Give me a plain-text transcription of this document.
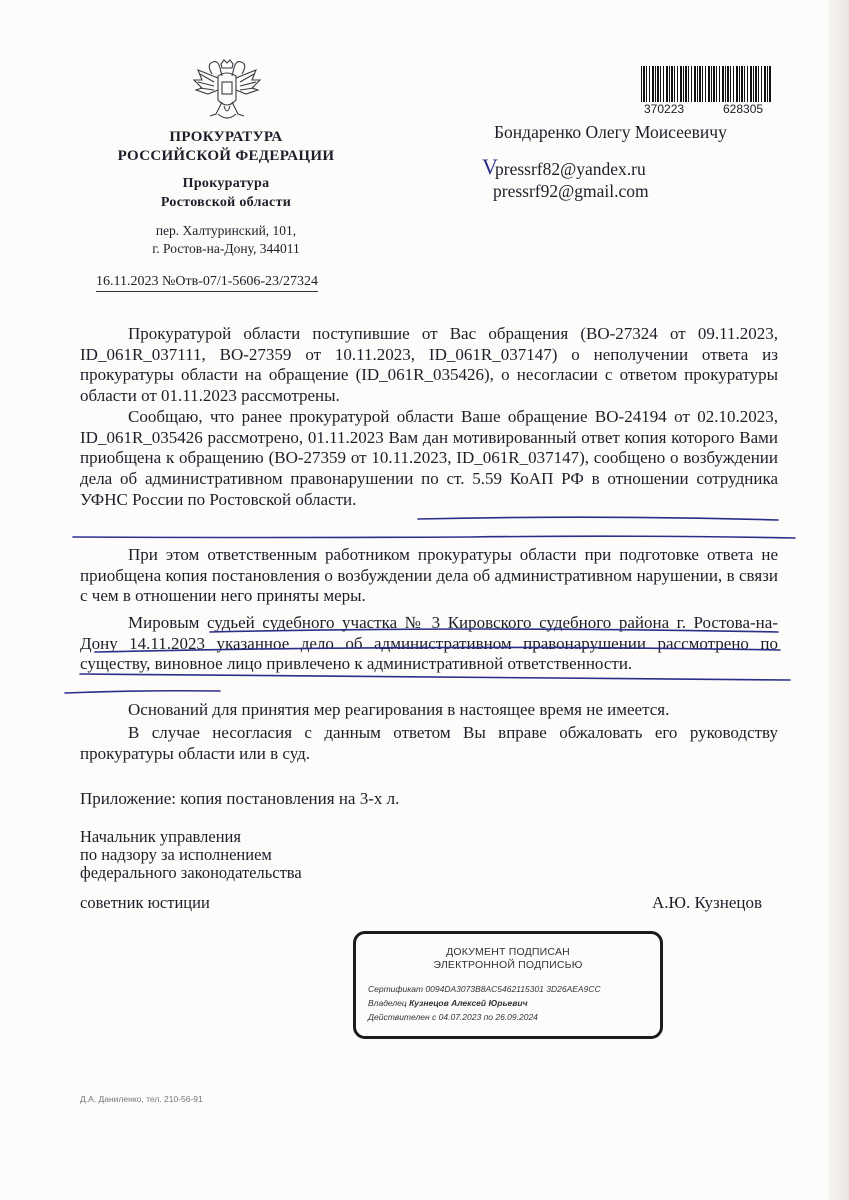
ПРОКУРАТУРА
РОССИЙСКОЙ ФЕДЕРАЦИИ
Прокуратура
Ростовской области
пер. Халтуринский, 101,
г. Ростов-на-Дону, 344011
16.11.2023 №Отв-07/1-5606-23/27324
370223	628305
Бондаренко Олегу Моисеевичу
V
pressrf82@yandex.ru
pressrf92@gmail.com
Прокуратурой области поступившие от Вас обращения (ВО-27324 от 09.11.2023, ID_061R_037111, ВО-27359 от 10.11.2023, ID_061R_037147) о неполучении ответа из прокуратуры области на обращение (ID_061R_035426), о несогласии с ответом прокуратуры области от 01.11.2023 рассмотрены.
Сообщаю, что ранее прокуратурой области Ваше обращение ВО-24194 от 02.10.2023, ID_061R_035426 рассмотрено, 01.11.2023 Вам дан мотивированный ответ копия которого Вами приобщена к обращению (ВО-27359 от 10.11.2023, ID_061R_037147), сообщено о возбуждении дела об административном правонарушении по ст. 5.59 КоАП РФ в отношении сотрудника УФНС России по Ростовской области.
При этом ответственным работником прокуратуры области при подготовке ответа не приобщена копия постановления о возбуждении дела об административном нарушении, в связи с чем в отношении него приняты меры.
Мировым судьей судебного участка № 3 Кировского судебного района г. Ростова-на-Дону 14.11.2023 указанное дело об административном правонарушении рассмотрено по существу, виновное лицо привлечено к административной ответственности.
Оснований для принятия мер реагирования в настоящее время не имеется.
В случае несогласия с данным ответом Вы вправе обжаловать его руководству прокуратуры области или в суд.
Приложение: копия постановления на 3-х л.
Начальник управления
по надзору за исполнением
федерального законодательства
советник юстиции	А.Ю. Кузнецов
ДОКУМЕНТ ПОДПИСАН
ЭЛЕКТРОННОЙ ПОДПИСЬЮ
Сертификат 0094DA3073B8AC5462115301 3D26AEA9CC
Владелец Кузнецов Алексей Юрьевич
Действителен с 04.07.2023 по 26.09.2024
Д.А. Даниленко, тел. 210-56-91
